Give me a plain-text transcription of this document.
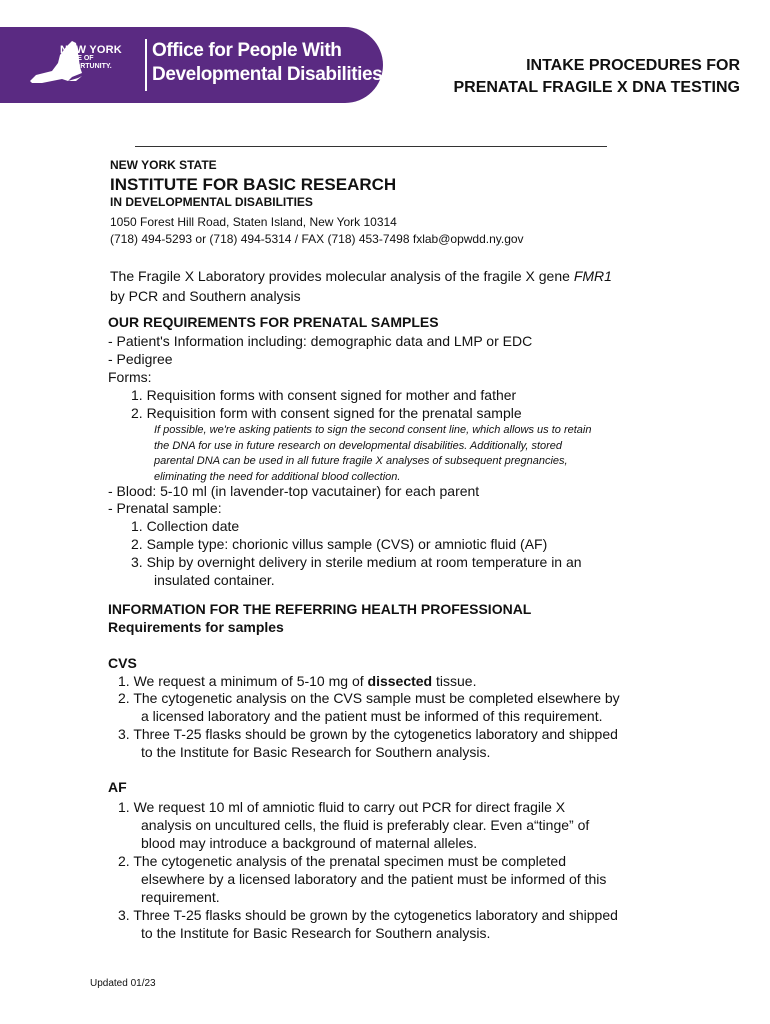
NEW YORK
STATE OF
OPPORTUNITY.
Office for People With
Developmental Disabilities	INTAKE PROCEDURES FOR
PRENATAL FRAGILE X DNA TESTING
NEW YORK STATE
INSTITUTE FOR BASIC RESEARCH
IN DEVELOPMENTAL DISABILITIES
1050 Forest Hill Road, Staten Island, New York 10314
(718) 494-5293 or (718) 494-5314 / FAX (718) 453-7498 fxlab@opwdd.ny.gov
The Fragile X Laboratory provides molecular analysis of the fragile X gene FMR1
by PCR and Southern analysis
OUR REQUIREMENTS FOR PRENATAL SAMPLES
- Patient's Information including: demographic data and LMP or EDC
- Pedigree
Forms:
1. Requisition forms with consent signed for mother and father
2. Requisition form with consent signed for the prenatal sample
If possible, we're asking patients to sign the second consent line, which allows us to retain
the DNA for use in future research on developmental disabilities. Additionally, stored
parental DNA can be used in all future fragile X analyses of subsequent pregnancies,
eliminating the need for additional blood collection.
- Blood: 5-10 ml (in lavender-top vacutainer) for each parent
- Prenatal sample:
1. Collection date
2. Sample type: chorionic villus sample (CVS) or amniotic fluid (AF)
3. Ship by overnight delivery in sterile medium at room temperature in an
insulated container.
INFORMATION FOR THE REFERRING HEALTH PROFESSIONAL
Requirements for samples
CVS
1. We request a minimum of 5-10 mg of dissected tissue.
2. The cytogenetic analysis on the CVS sample must be completed elsewhere by
a licensed laboratory and the patient must be informed of this requirement.
3. Three T-25 flasks should be grown by the cytogenetics laboratory and shipped
to the Institute for Basic Research for Southern analysis.
AF
1. We request 10 ml of amniotic fluid to carry out PCR for direct fragile X
analysis on uncultured cells, the fluid is preferably clear. Even a“tinge” of
blood may introduce a background of maternal alleles.
2. The cytogenetic analysis of the prenatal specimen must be completed
elsewhere by a licensed laboratory and the patient must be informed of this
requirement.
3. Three T-25 flasks should be grown by the cytogenetics laboratory and shipped
to the Institute for Basic Research for Southern analysis.
Updated 01/23
